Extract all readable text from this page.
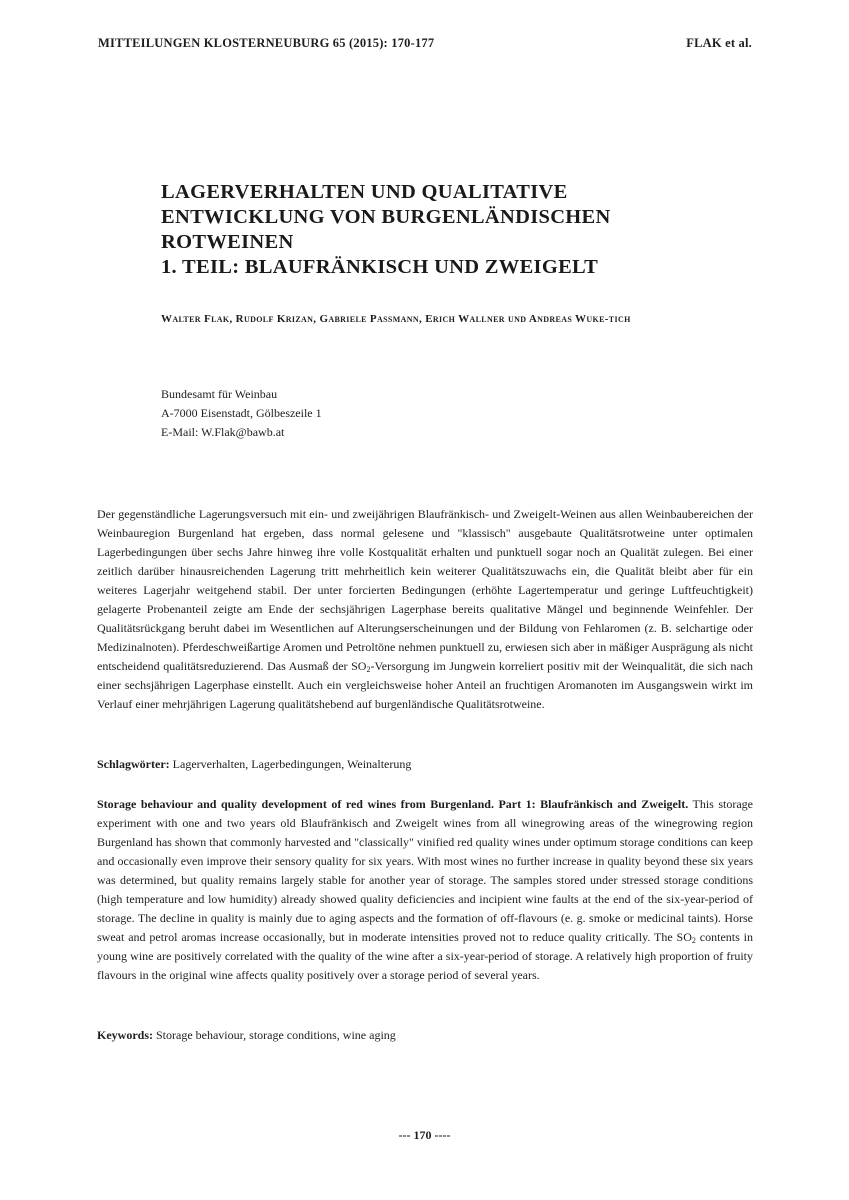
MITTEILUNGEN KLOSTERNEUBURG 65 (2015): 170-177	FLAK et al.
LAGERVERHALTEN UND QUALITATIVE
ENTWICKLUNG VON BURGENLÄNDISCHEN
ROTWEINEN
1. TEIL: BLAUFRÄNKISCH UND ZWEIGELT
Walter Flak, Rudolf Krizan, Gabriele Passmann, Erich Wallner und Andreas Wuke-tich
Bundesamt für Weinbau
A-7000 Eisenstadt, Gölbeszeile 1
E-Mail: W.Flak@bawb.at

Der gegenständliche Lagerungsversuch mit ein- und zweijährigen Blaufränkisch- und Zweigelt-Weinen aus allen Weinbaubereichen der Weinbauregion Burgenland hat ergeben, dass normal gelesene und "klassisch" ausgebaute Qualitätsrotweine unter optimalen Lagerbedingungen über sechs Jahre hinweg ihre volle Kostqualität erhalten und punktuell sogar noch an Qualität zulegen. Bei einer zeitlich darüber hinausreichenden Lagerung tritt mehrheitlich kein weiterer Qualitätszuwachs ein, die Qualität bleibt aber für ein weiteres Lagerjahr weitgehend stabil. Der unter forcierten Bedingungen (erhöhte Lagertemperatur und geringe Luftfeuchtigkeit) gelagerte Probenanteil zeigte am Ende der sechsjährigen Lagerphase bereits qualitative Mängel und beginnende Weinfehler. Der Qualitätsrückgang beruht dabei im Wesentlichen auf Alterungserscheinungen und der Bildung von Fehlaromen (z. B. selchartige oder Medizinalnoten). Pferdeschweißartige Aromen und Petroltöne nehmen punktuell zu, erwiesen sich aber in mäßiger Ausprägung als nicht entscheidend qualitätsreduzierend. Das Ausmaß der $SO_2$-Versorgung im Jungwein korreliert positiv mit der Weinqualität, die sich nach einer sechsjährigen Lagerphase einstellt. Auch ein vergleichsweise hoher Anteil an fruchtigen Aromanoten im Ausgangswein wirkt im Verlauf einer mehrjährigen Lagerung qualitätshebend auf burgenländische Qualitätsrotweine.

Schlagwörter: Lagerverhalten, Lagerbedingungen, Weinalterung

Storage behaviour and quality development of red wines from Burgenland. Part 1: Blaufränkisch and Zweigelt. This storage experiment with one and two years old Blaufränkisch and Zweigelt wines from all winegrowing areas of the winegrowing region Burgenland has shown that commonly harvested and "classically" vinified red quality wines under optimum storage conditions can keep and occasionally even improve their sensory quality for six years. With most wines no further increase in quality beyond these six years was determined, but quality remains largely stable for another year of storage. The samples stored under stressed storage conditions (high temperature and low humidity) already showed quality deficiencies and incipient wine faults at the end of the six-year-period of storage. The decline in quality is mainly due to aging aspects and the formation of off-flavours (e. g. smoke or medicinal taints). Horse sweat and petrol aromas increase occasionally, but in moderate intensities proved not to reduce quality critically. The $SO_2$ contents in young wine are positively correlated with the quality of the wine after a six-year-period of storage. A relatively high proportion of fruity flavours in the original wine affects quality positively over a storage period of several years.

Keywords: Storage behaviour, storage conditions, wine aging

--- 170 ----
